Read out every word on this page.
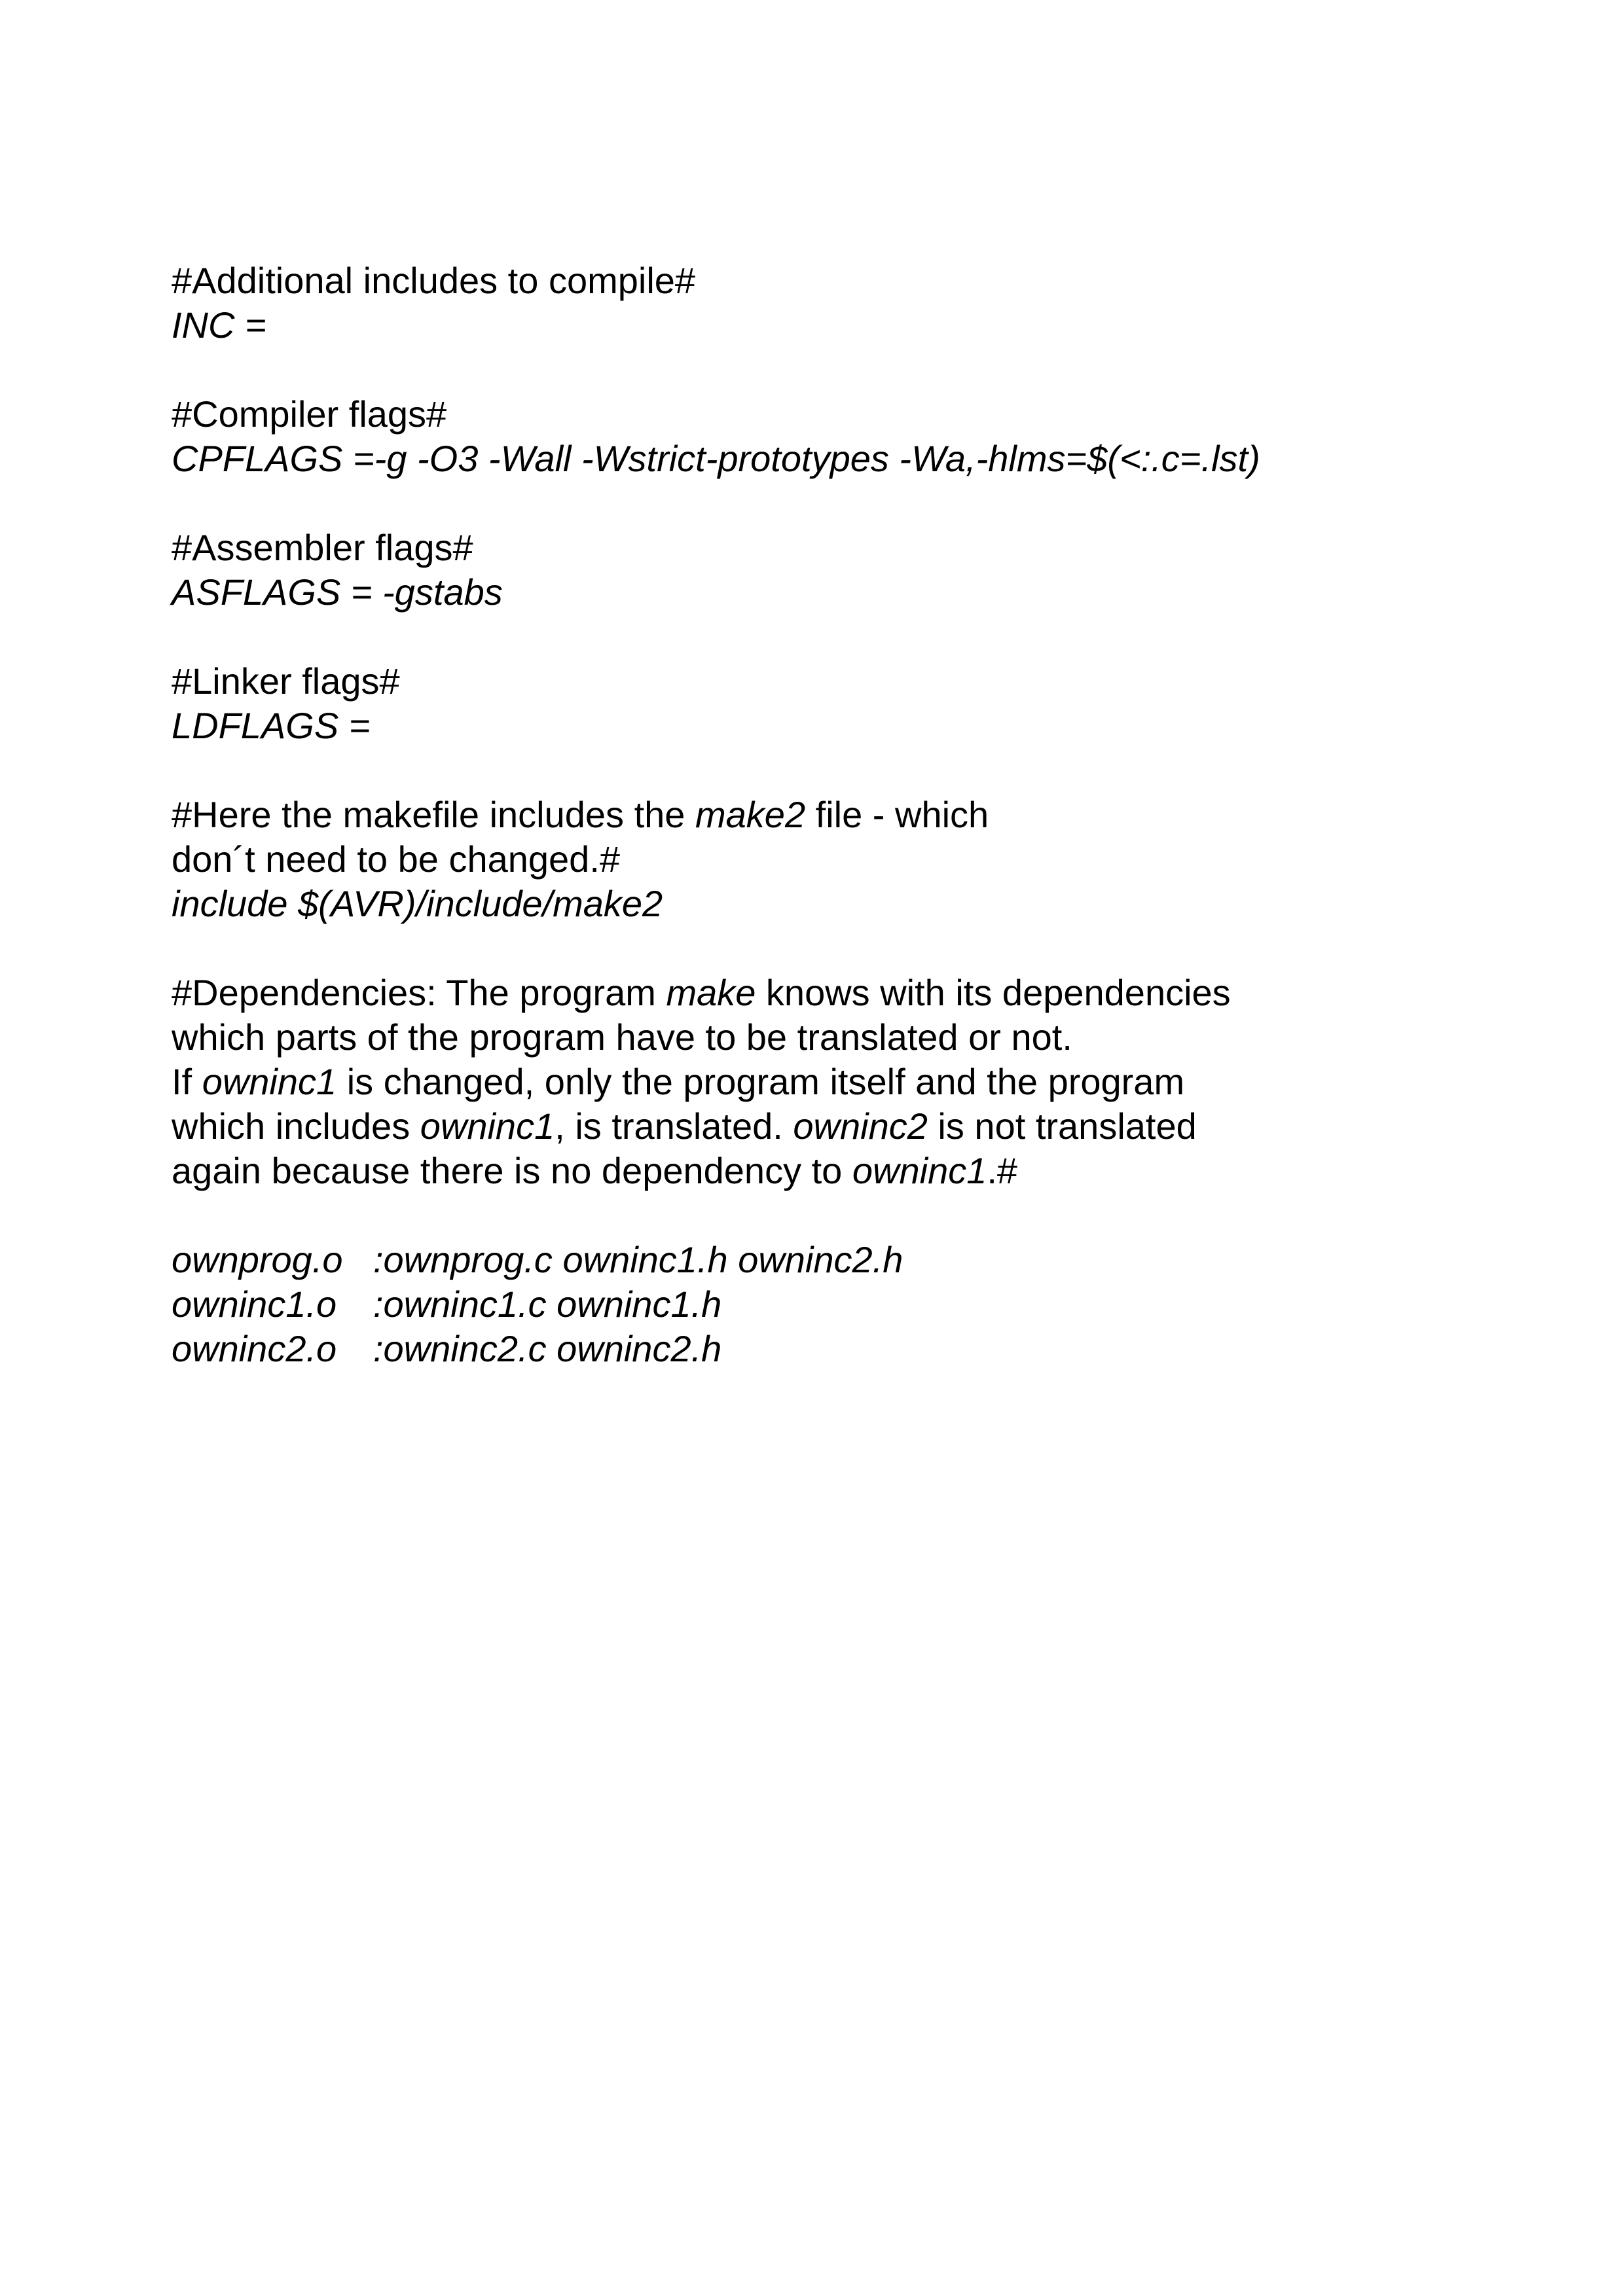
#Additional includes to compile#

INC =

#Compiler flags#

CPFLAGS =-g -O3 -Wall -Wstrict-prototypes -Wa,-hlms=$(<:.c=.lst)

#Assembler flags#

ASFLAGS = -gstabs

#Linker flags#

LDFLAGS =

#Here the makefile includes the make2 file - which

don´t need to be changed.#

include $(AVR)/include/make2

#Dependencies: The program make knows with its dependencies

which parts of the program have to be translated or not.

If owninc1 is changed, only the program itself and the program

which includes owninc1, is translated. owninc2 is not translated

again because there is no dependency to owninc1.#

ownprog.o :ownprog.c owninc1.h owninc2.h

owninc1.o :owninc1.c owninc1.h

owninc2.o :owninc2.c owninc2.h
